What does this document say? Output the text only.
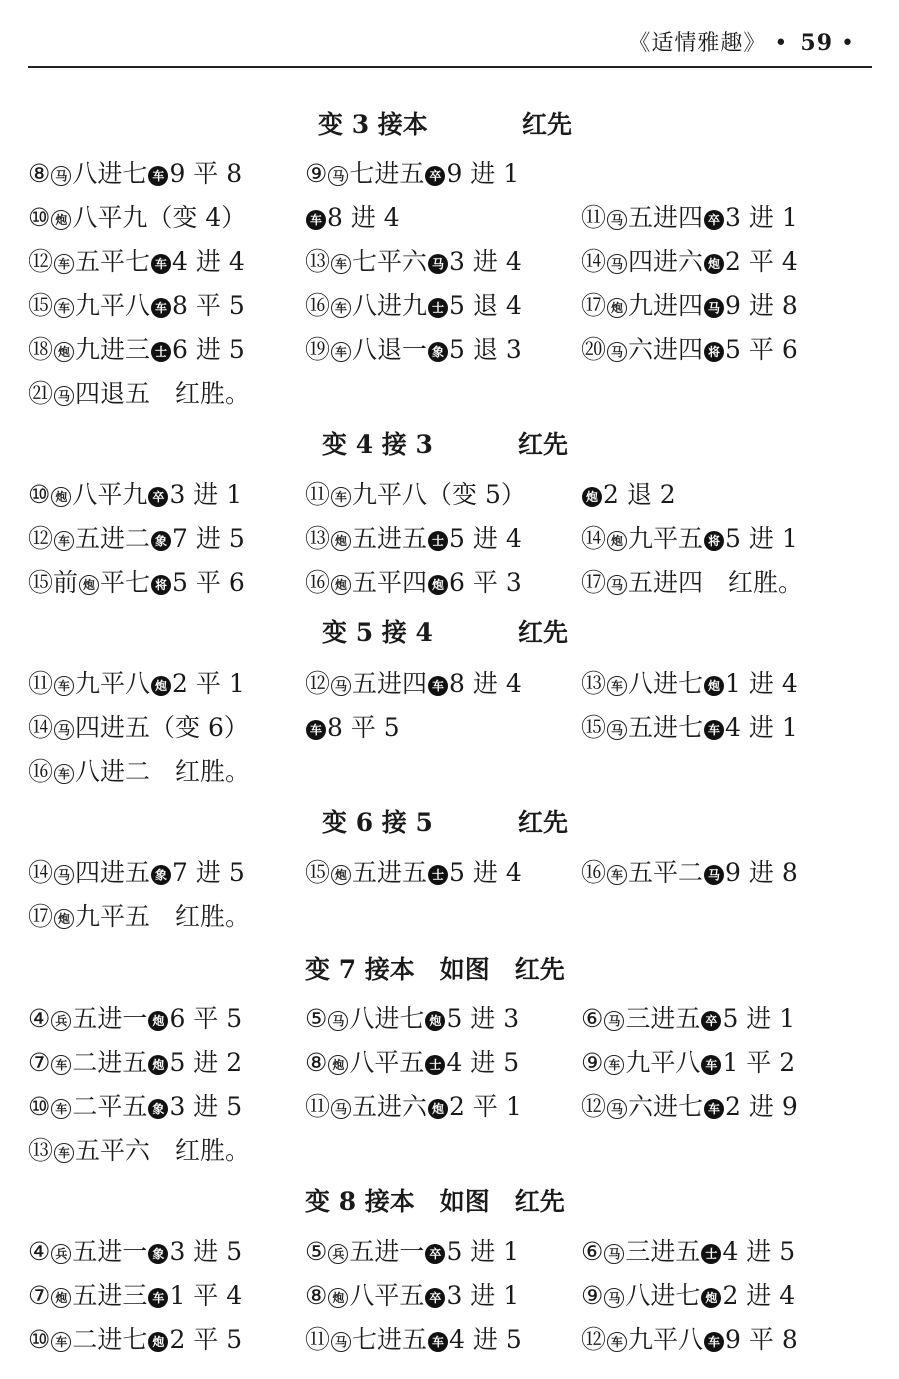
《适情雅趣》 • 59 •
变 3 接本	红先
⑧ 马 八进七 车 9 平 8	⑨ 马 七进五 卒 9 进 1
⑩ 炮 八平九（变 4）	车 8 进 4	⑪ 马 五进四 卒 3 进 1
⑫ 车 五平七 车 4 进 4 ⑬ 车 七平六 马 3 进 4 ⑭ 马 四进六 炮 2 平 4
⑮ 车 九平八 车 8 平 5 ⑯ 车 八进九 士 5 退 4 ⑰ 炮 九进四 马 9 进 8
⑱ 炮 九进三 士 6 进 5 ⑲ 车 八退一 象 5 退 3 ⑳ 马 六进四 将 5 平 6
㉑ 马 四退五　红胜。
变 4 接 3	红先
⑩ 炮 八平九 卒 3 进 1	⑪ 车 九平八（变 5）	炮 2 退 2
⑫ 车 五进二 象 7 进 5 ⑬ 炮 五进五 士 5 进 4 ⑭ 炮 九平五 将 5 进 1
⑮前 炮 平七 将 5 平 6 ⑯ 炮 五平四 炮 6 平 3 ⑰ 马 五进四　红胜。
变 5 接 4	红先
⑪ 车 九平八 炮 2 平 1 ⑫ 马 五进四 车 8 进 4 ⑬ 车 八进七 炮 1 进 4
⑭ 马 四进五（变 6）	车 8 平 5	⑮ 马 五进七 车 4 进 1
⑯ 车 八进二　红胜。
变 6 接 5	红先
⑭ 马 四进五 象 7 进 5 ⑮ 炮 五进五 士 5 进 4 ⑯ 车 五平二 马 9 进 8
⑰ 炮 九平五　红胜。
变 7 接本　如图　红先
④ 兵 五进一 炮 6 平 5	⑤ 马 八进七 炮 5 进 3 ⑥ 马 三进五 卒 5 进 1
⑦ 车 二进五 炮 5 进 2	⑧ 炮 八平五 士 4 进 5 ⑨ 车 九平八 车 1 平 2
⑩ 车 二平五 象 3 进 5	⑪ 马 五进六 炮 2 平 1 ⑫ 马 六进七 车 2 进 9
⑬ 车 五平六　红胜。
变 8 接本　如图　红先
④ 兵 五进一 象 3 进 5	⑤ 兵 五进一 卒 5 进 1 ⑥ 马 三进五 士 4 进 5
⑦ 炮 五进三 车 1 平 4	⑧ 炮 八平五 卒 3 进 1 ⑨ 马 八进七 炮 2 进 4
⑩ 车 二进七 炮 2 平 5	⑪ 马 七进五 车 4 进 5 ⑫ 车 九平八 车 9 平 8
